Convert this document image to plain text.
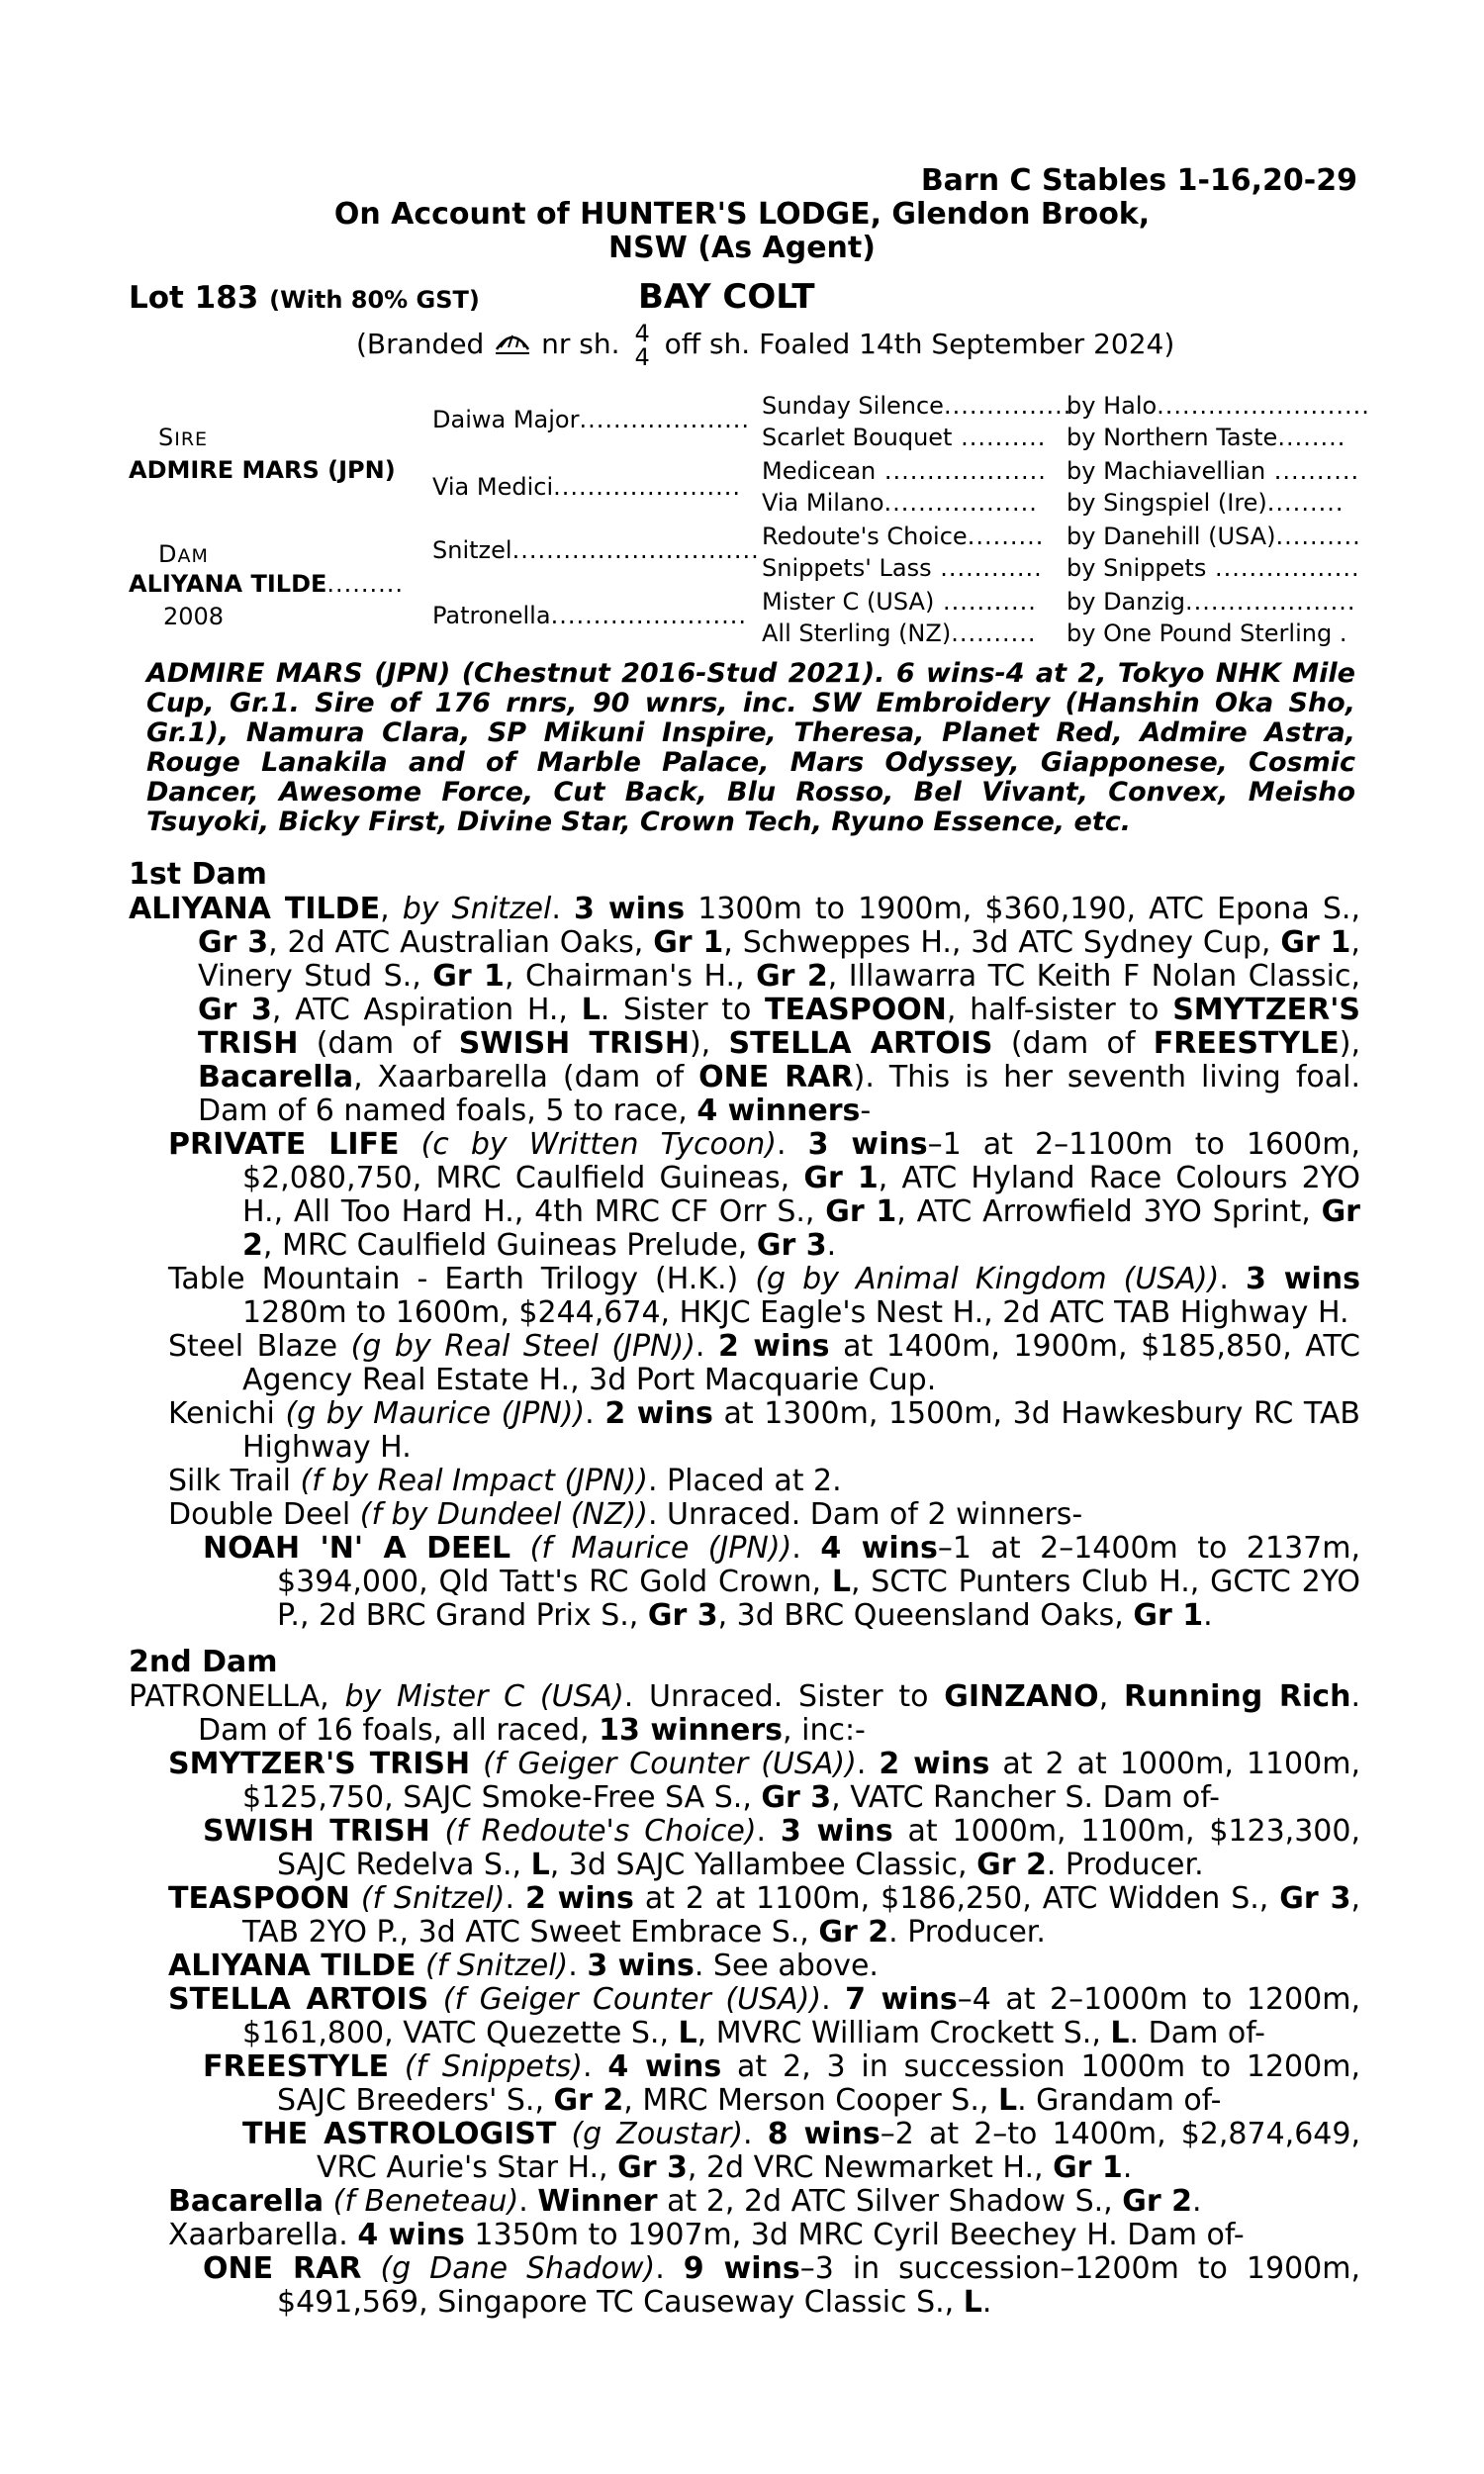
Barn C Stables 1-16,20-29
On Account of HUNTER'S LODGE, Glendon Brook,
NSW (As Agent)
Lot 183 (With 80% GST)	BAY COLT
(Branded nr sh. 4
4 off sh. Foaled 14th September 2024)
SIRE
ADMIRE MARS (JPN)
DAM
ALIYANA TILDE.........
2008
Daiwa Major....................
Via Medici......................
Snitzel.............................
Patronella.......................
Sunday Silence...............
Scarlet Bouquet ..........
Medicean ...................
Via Milano..................
Redoute's Choice.........
Snippets' Lass ............
Mister C (USA) ...........
All Sterling (NZ)..........
by Halo.........................
by Northern Taste........
by Machiavellian ..........
by Singspiel (Ire).........
by Danehill (USA)..........
by Snippets .................
by Danzig....................
by One Pound Sterling .
ADMIRE MARS (JPN) (Chestnut 2016-Stud 2021). 6 wins-4 at 2, Tokyo NHK Mile Cup, Gr.1. Sire of 176 rnrs, 90 wnrs, inc. SW Embroidery (Hanshin Oka Sho, Gr.1), Namura Clara, SP Mikuni Inspire, Theresa, Planet Red, Admire Astra, Rouge Lanakila and of Marble Palace, Mars Odyssey, Giapponese, Cosmic Dancer, Awesome Force, Cut Back, Blu Rosso, Bel Vivant, Convex, Meisho Tsuyoki, Bicky First, Divine Star, Crown Tech, Ryuno Essence, etc.
1st Dam
ALIYANA TILDE, by Snitzel. 3 wins 1300m to 1900m, $360,190, ATC Epona S., Gr 3, 2d ATC Australian Oaks, Gr 1, Schweppes H., 3d ATC Sydney Cup, Gr 1, Vinery Stud S., Gr 1, Chairman's H., Gr 2, Illawarra TC Keith F Nolan Classic, Gr 3, ATC Aspiration H., L. Sister to TEASPOON, half-sister to SMYTZER'S TRISH (dam of SWISH TRISH), STELLA ARTOIS (dam of FREESTYLE), Bacarella, Xaarbarella (dam of ONE RAR). This is her seventh living foal. Dam of 6 named foals, 5 to race, 4 winners-
PRIVATE LIFE (c by Written Tycoon). 3 wins–1 at 2–1100m to 1600m, $2,080,750, MRC Caulfield Guineas, Gr 1, ATC Hyland Race Colours 2YO H., All Too Hard H., 4th MRC CF Orr S., Gr 1, ATC Arrowfield 3YO Sprint, Gr 2, MRC Caulfield Guineas Prelude, Gr 3.
Table Mountain - Earth Trilogy (H.K.) (g by Animal Kingdom (USA)). 3 wins 1280m to 1600m, $244,674, HKJC Eagle's Nest H., 2d ATC TAB Highway H.
Steel Blaze (g by Real Steel (JPN)). 2 wins at 1400m, 1900m, $185,850, ATC Agency Real Estate H., 3d Port Macquarie Cup.
Kenichi (g by Maurice (JPN)). 2 wins at 1300m, 1500m, 3d Hawkesbury RC TAB Highway H.
Silk Trail (f by Real Impact (JPN)). Placed at 2.
Double Deel (f by Dundeel (NZ)). Unraced. Dam of 2 winners-
NOAH 'N' A DEEL (f Maurice (JPN)). 4 wins–1 at 2–1400m to 2137m, $394,000, Qld Tatt's RC Gold Crown, L, SCTC Punters Club H., GCTC 2YO P., 2d BRC Grand Prix S., Gr 3, 3d BRC Queensland Oaks, Gr 1.
2nd Dam
PATRONELLA, by Mister C (USA). Unraced. Sister to GINZANO, Running Rich. Dam of 16 foals, all raced, 13 winners, inc:-
SMYTZER'S TRISH (f Geiger Counter (USA)). 2 wins at 2 at 1000m, 1100m, $125,750, SAJC Smoke-Free SA S., Gr 3, VATC Rancher S. Dam of-
SWISH TRISH (f Redoute's Choice). 3 wins at 1000m, 1100m, $123,300, SAJC Redelva S., L, 3d SAJC Yallambee Classic, Gr 2. Producer.
TEASPOON (f Snitzel). 2 wins at 2 at 1100m, $186,250, ATC Widden S., Gr 3, TAB 2YO P., 3d ATC Sweet Embrace S., Gr 2. Producer.
ALIYANA TILDE (f Snitzel). 3 wins. See above.
STELLA ARTOIS (f Geiger Counter (USA)). 7 wins–4 at 2–1000m to 1200m, $161,800, VATC Quezette S., L, MVRC William Crockett S., L. Dam of-
FREESTYLE (f Snippets). 4 wins at 2, 3 in succession 1000m to 1200m, SAJC Breeders' S., Gr 2, MRC Merson Cooper S., L. Grandam of-
THE ASTROLOGIST (g Zoustar). 8 wins–2 at 2–to 1400m, $2,874,649, VRC Aurie's Star H., Gr 3, 2d VRC Newmarket H., Gr 1.
Bacarella (f Beneteau). Winner at 2, 2d ATC Silver Shadow S., Gr 2.
Xaarbarella. 4 wins 1350m to 1907m, 3d MRC Cyril Beechey H. Dam of-
ONE RAR (g Dane Shadow). 9 wins–3 in succession–1200m to 1900m, $491,569, Singapore TC Causeway Classic S., L.
